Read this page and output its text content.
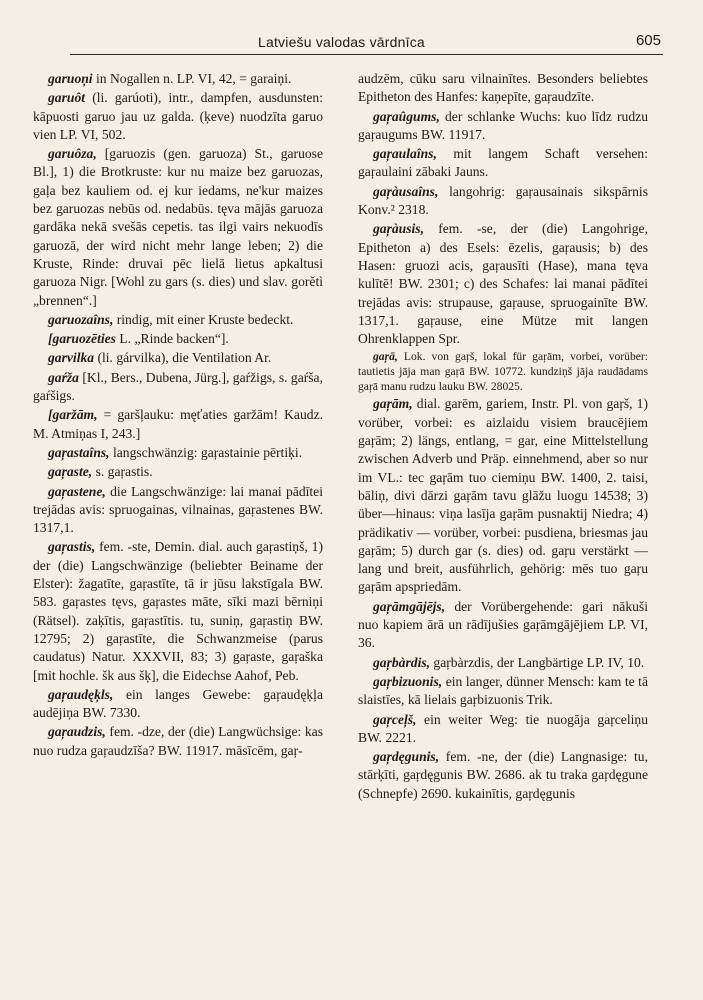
Latviešu valodas vārdnīca	605

garuoņi in Nogallen n. LP. VI, 42, = garaiņi.

garuôt (li. garúoti), intr., dampfen, ausdunsten: kāpuosti garuo jau uz galda. (ķeve) nuodzīta garuo vien LP. VI, 502.

garuôza, [garuozis (gen. garuoza) St., garuose Bl.], 1) die Brotkruste: kur nu maize bez garuozas, gaļa bez kauliem od. ej kur iedams, ne'kur maizes bez garuozas nebūs od. nedabūs. tęva mājās garuoza gardāka nekā svešās cepetis. tas ilgi vairs nekuodīs garuozā, der wird nicht mehr lange leben; 2) die Kruste, Rinde: druvai pēc lielā lietus apkaltusi garuoza Nigr. [Wohl zu gars (s. dies) und slav. gorětì „brennen“.]

garuozaîns, rindig, mit einer Kruste bedeckt.

[garuozēties L. „Rinde backen“].

garvilka (li. gárvilka), die Ventilation Ar.

gaŕža [Kl., Bers., Dubena, Jürg.], gaŕžigs, s. gaŕša, gaŕšigs.

[garžām, = garšļauku: męťaties garžām! Kaudz. M. Atmiņas I, 243.]

gaŗastaîns, langschwänzig: gaŗastainie pērtiķi.

gaŗaste, s. gaŗastis.

gaŗastene, die Langschwänzige: lai manai pādītei trejādas avis: spruogainas, vilnainas, gaŗastenes BW. 1317,1.

gaŗastis, fem. -ste, Demin. dial. auch gaŗastiņš, 1) der (die) Langschwänzige (beliebter Beiname der Elster): žagatīte, gaŗastīte, tā ir jūsu lakstīgala BW. 583. gaŗastes tęvs, gaŗastes māte, sīki mazi bērniņi (Rätsel). zaķītis, gaŗastītis. tu, suniņ, gaŗastiņ BW. 12795; 2) gaŗastīte, die Schwanzmeise (parus caudatus) Natur. XXXVII, 83; 3) gaŗaste, gaŗaška [mit hochle. šk aus šķ], die Eidechse Aahof, Peb.

gaŗaudęķls, ein langes Gewebe: gaŗaudęķļa audējiņa BW. 7330.

gaŗaudzis, fem. -dze, der (die) Langwüchsige: kas nuo rudza gaŗaudzīša? BW. 11917. māsīcēm, gaŗ-

audzēm, cūku saru vilnainītes. Besonders beliebtes Epitheton des Hanfes: kaņepīte, gaŗaudzīte.

gaŗaûgums, der schlanke Wuchs: kuo līdz rudzu gaŗaugums BW. 11917.

gaŗaulaîns, mit langem Schaft versehen: gaŗaulaini zābaki Jauns.

gaŗàusaîns, langohrig: gaŗausainais sikspārnis Konv.² 2318.

gaŗàusis, fem. -se, der (die) Langohrige, Epitheton a) des Esels: ēzelis, gaŗausis; b) des Hasen: gruozi acis, gaŗausīti (Hase), mana tęva kulītē! BW. 2301; c) des Schafes: lai manai pādītei trejādas avis: strupause, gaŗause, spruogainīte BW. 1317,1. gaŗause, eine Mütze mit langen Ohrenklappen Spr.

gaŗā, Lok. von gaŗš, lokal für gaŗām, vorbei, vorüber: tautietis jāja man gaŗā BW. 10772. kundziņš jāja raudādams gaŗā manu rudzu lauku BW. 28025.

gaŗām, dial. garēm, gariem, Instr. Pl. von gaŗš, 1) vorüber, vorbei: es aizlaidu visiem braucējiem gaŗām; 2) längs, entlang, = gar, eine Mittelstellung zwischen Adverb und Präp. einnehmend, aber so nur im VL.: tec gaŗām tuo ciemiņu BW. 1400, 2. taisi, bāliņ, divi dārzi gaŗām tavu glāžu luogu 14538; 3) über—hinaus: viņa lasīja gaŗām pusnaktij Niedra; 4) prädikativ — vorüber, vorbei: pusdiena, briesmas jau gaŗām; 5) durch gar (s. dies) od. gaŗu verstärkt — lang und breit, ausführlich, gehörig: mēs tuo gaŗu gaŗām apspriedām.

gaŗāmgājējs, der Vorübergehende: gari nākuši nuo kapiem ārā un rādījušies gaŗāmgājējiem LP. VI, 36.

gaŗbàrdis, gaŗbàrzdis, der Langbärtige LP. IV, 10.

gaŗbizuonis, ein langer, dünner Mensch: kam te tā slaistīes, kā lielais gaŗbizuonis Trik.

gaŗceļš, ein weiter Weg: tie nuogāja gaŗceliņu BW. 2221.

gaŗdęgunis, fem. -ne, der (die) Langnasige: tu, stārķīti, gaŗdęgunis BW. 2686. ak tu traka gaŗdęgune (Schnepfe) 2690. kukainītis, gaŗdęgunis
